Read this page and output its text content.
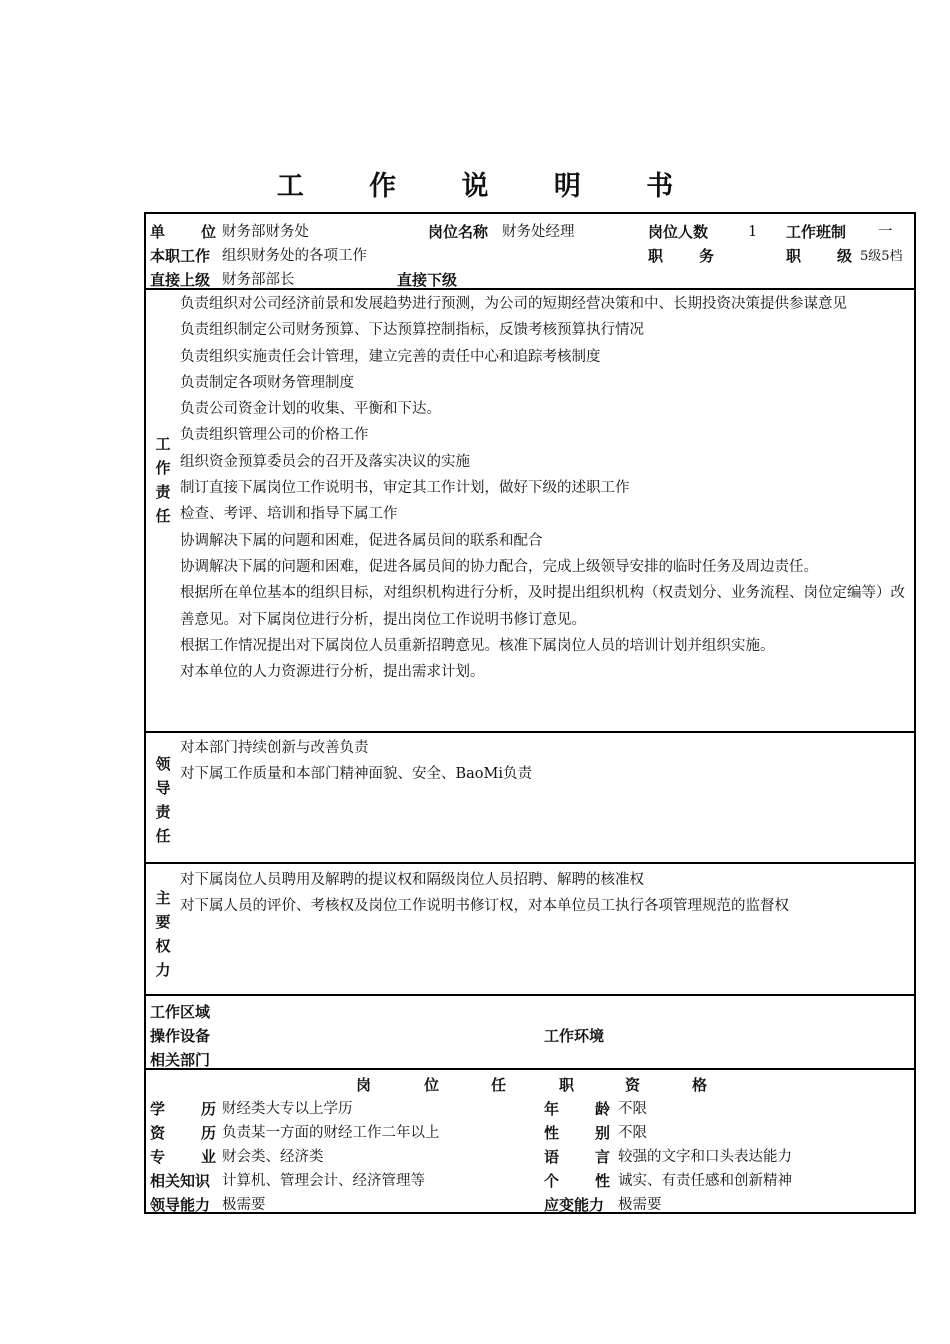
工 作 说 明 书
单 位 财务部财务处	岗位名称 财务处经理	岗位人数	1 工作班制 一
本职工作 组织财务处的各项工作	职 务	职 级 5级5档
直接上级 财务部部长	直接下级
工
作
责
任
负责组织对公司经济前景和发展趋势进行预测，为公司的短期经营决策和中、长期投资决策提供参谋意见
负责组织制定公司财务预算、下达预算控制指标，反馈考核预算执行情况
负责组织实施责任会计管理，建立完善的责任中心和追踪考核制度
负责制定各项财务管理制度
负责公司资金计划的收集、平衡和下达。
负责组织管理公司的价格工作
组织资金预算委员会的召开及落实决议的实施
制订直接下属岗位工作说明书，审定其工作计划，做好下级的述职工作
检查、考评、培训和指导下属工作
协调解决下属的问题和困难，促进各属员间的联系和配合
协调解决下属的问题和困难，促进各属员间的协力配合，完成上级领导安排的临时任务及周边责任。
根据所在单位基本的组织目标，对组织机构进行分析，及时提出组织机构（权责划分、业务流程、岗位定编等）改善意见。对下属岗位进行分析，提出岗位工作说明书修订意见。
根据工作情况提出对下属岗位人员重新招聘意见。核准下属岗位人员的培训计划并组织实施。
对本单位的人力资源进行分析，提出需求计划。
领
导
责
任
对本部门持续创新与改善负责
对下属工作质量和本部门精神面貌、安全、BaoMi负责
主
要
权
力
对下属岗位人员聘用及解聘的提议权和隔级岗位人员招聘、解聘的核准权
对下属人员的评价、考核权及岗位工作说明书修订权，对本单位员工执行各项管理规范的监督权
工作区域
操作设备	工作环境
相关部门
岗	位	任	职	资	格
学 历 财经类大专以上学历	年 龄 不限
资 历 负责某一方面的财经工作二年以上	性 别 不限
专 业 财会类、经济类	语 言 较强的文字和口头表达能力
相关知识 计算机、管理会计、经济管理等	个 性 诚实、有责任感和创新精神
领导能力 极需要	应变能力 极需要
